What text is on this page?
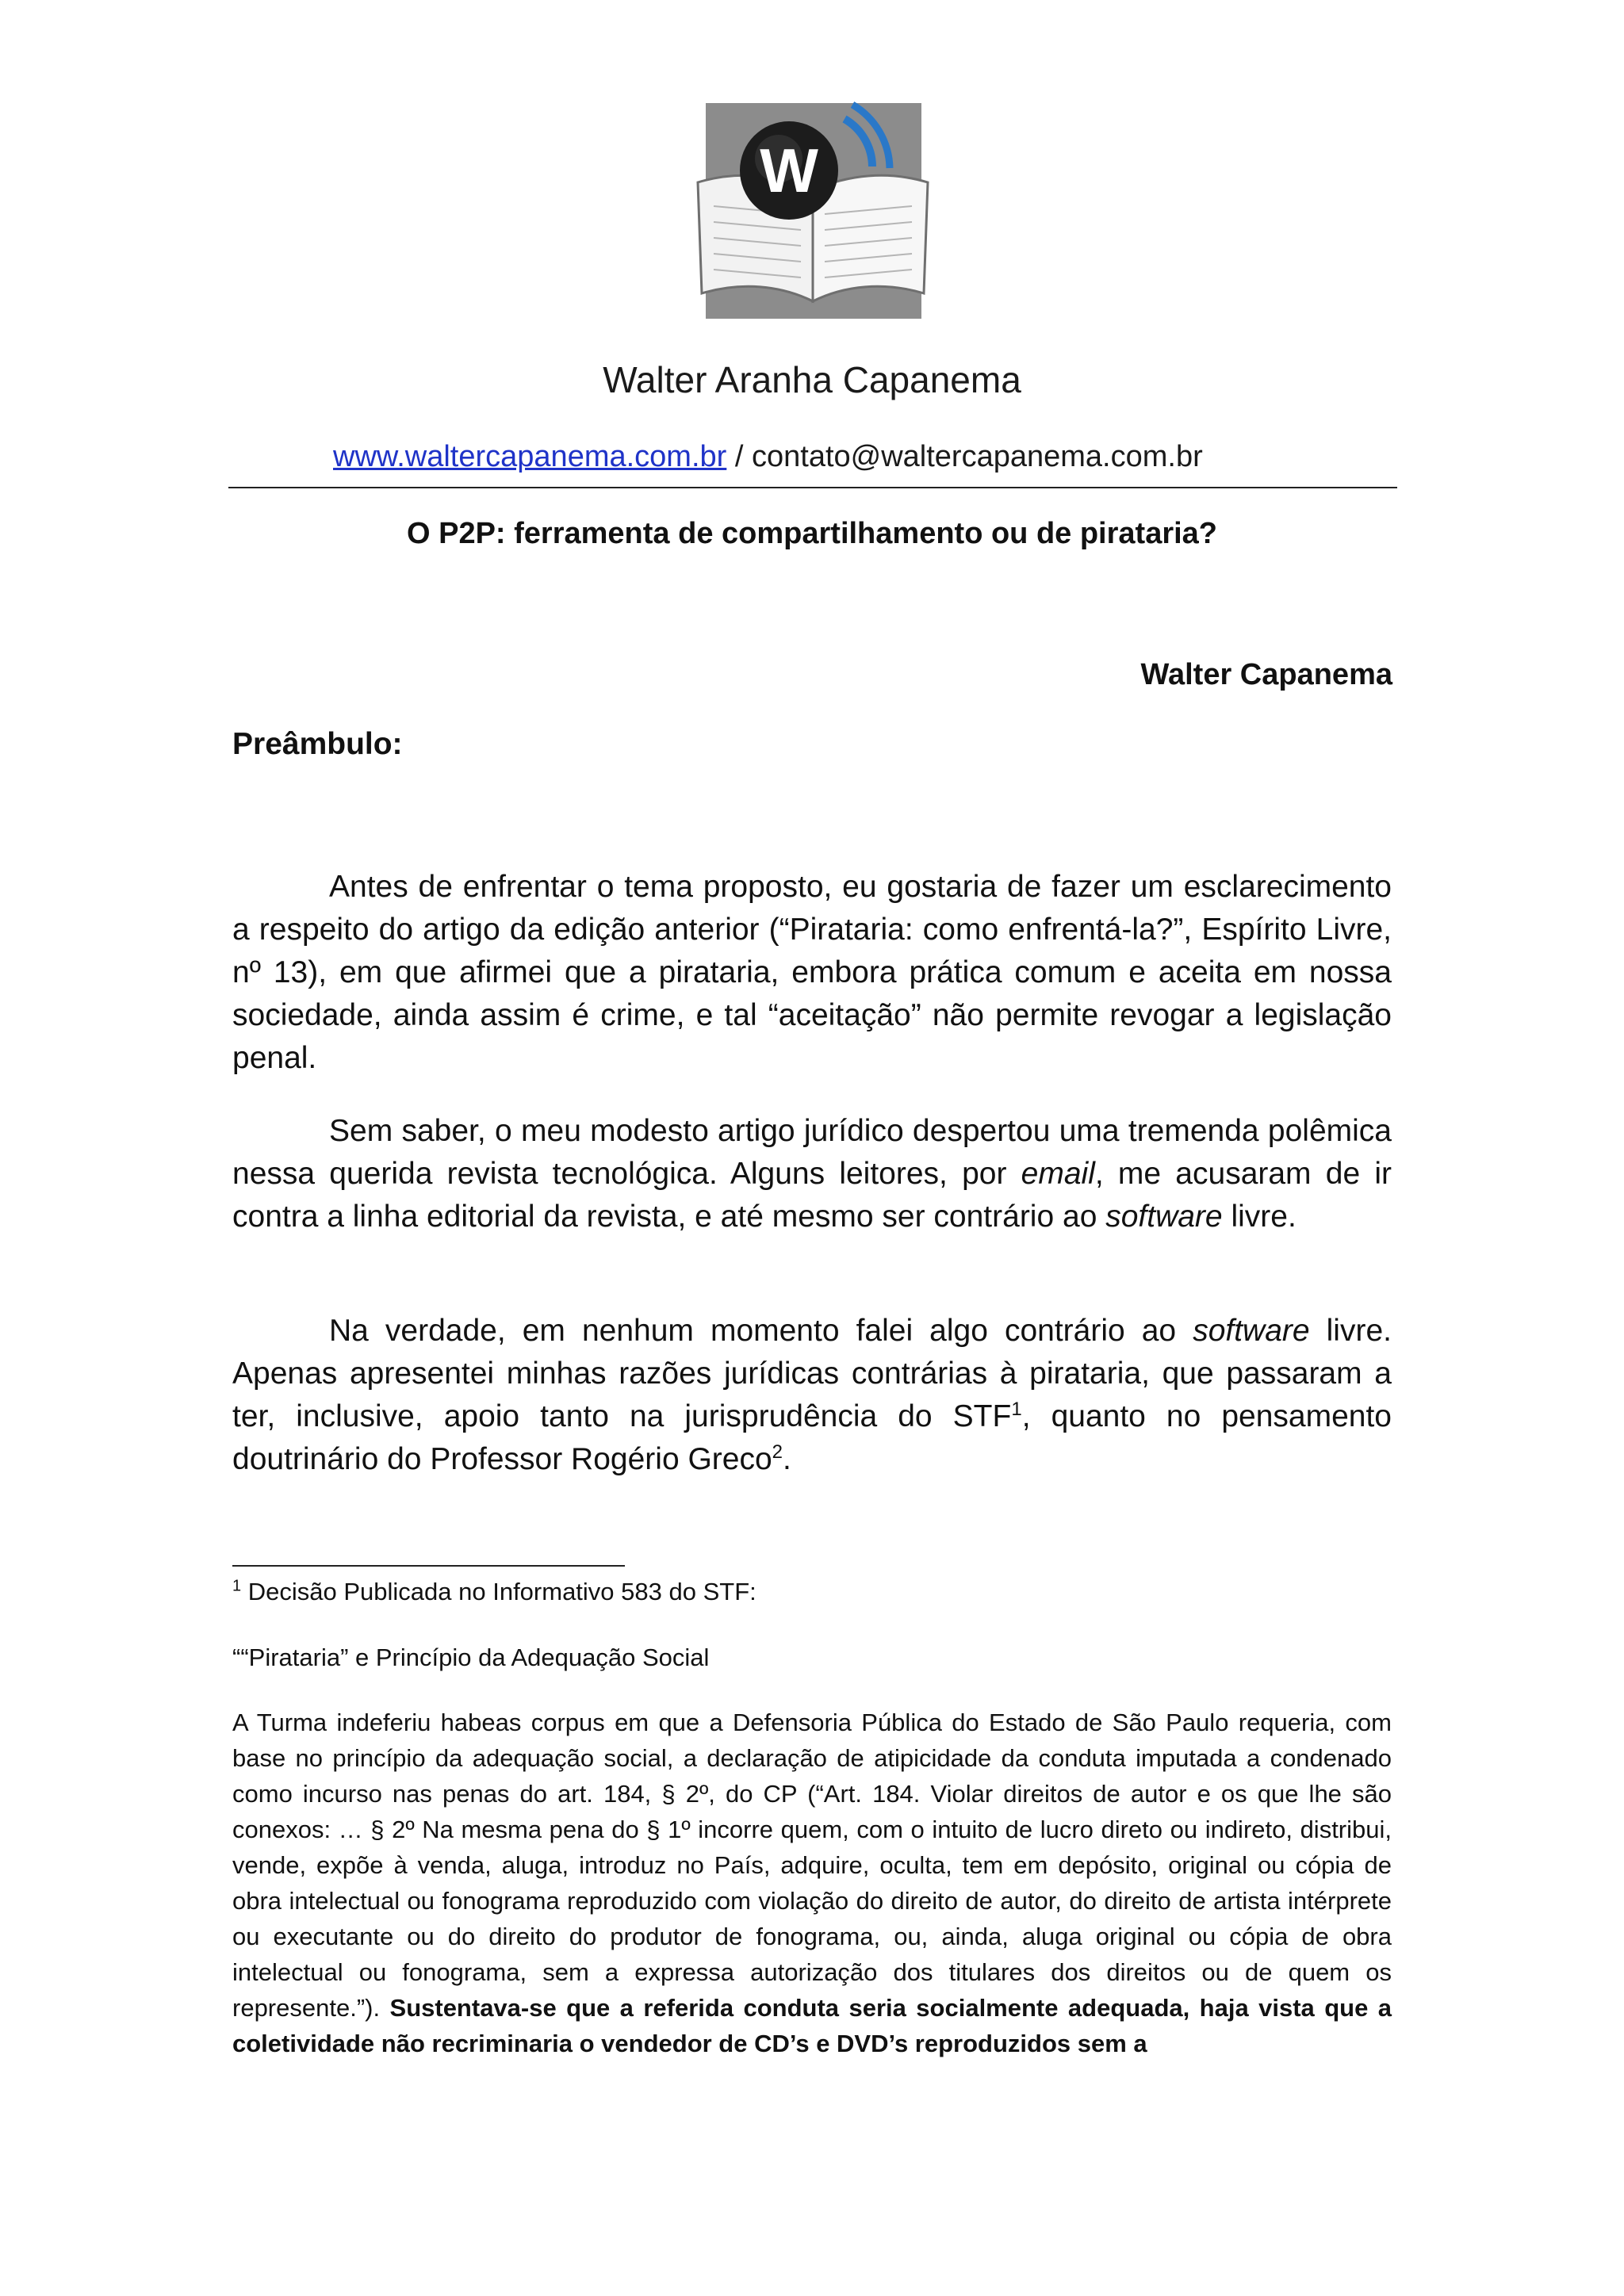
W
Walter Aranha Capanema
www.waltercapanema.com.br / contato@waltercapanema.com.br
O P2P: ferramenta de compartilhamento ou de pirataria?
Walter Capanema
Preâmbulo:

Antes de enfrentar o tema proposto, eu gostaria de fazer um esclarecimento a respeito do artigo da edição anterior (“Pirataria: como enfrentá-la?”, Espírito Livre, nº 13), em que afirmei que a pirataria, embora prática comum e aceita em nossa sociedade, ainda assim é crime, e tal “aceitação” não permite revogar a legislação penal.

Sem saber, o meu modesto artigo jurídico despertou uma tremenda polêmica nessa querida revista tecnológica. Alguns leitores, por email, me acusaram de ir contra a linha editorial da revista, e até mesmo ser contrário ao software livre.

Na verdade, em nenhum momento falei algo contrário ao software livre. Apenas apresentei minhas razões jurídicas contrárias à pirataria, que passaram a ter, inclusive, apoio tanto na jurisprudência do STF$^1$, quanto no pensamento doutrinário do Professor Rogério Greco$^2$.

$^1$ Decisão Publicada no Informativo 583 do STF:
““Pirataria” e Princípio da Adequação Social
A Turma indeferiu habeas corpus em que a Defensoria Pública do Estado de São Paulo requeria, com base no princípio da adequação social, a declaração de atipicidade da conduta imputada a condenado como incurso nas penas do art. 184, § 2º, do CP (“Art. 184. Violar direitos de autor e os que lhe são conexos: … § 2º Na mesma pena do § 1º incorre quem, com o intuito de lucro direto ou indireto, distribui, vende, expõe à venda, aluga, introduz no País, adquire, oculta, tem em depósito, original ou cópia de obra intelectual ou fonograma reproduzido com violação do direito de autor, do direito de artista intérprete ou executante ou do direito do produtor de fonograma, ou, ainda, aluga original ou cópia de obra intelectual ou fonograma, sem a expressa autorização dos titulares dos direitos ou de quem os represente.”). Sustentava-se que a referida conduta seria socialmente adequada, haja vista que a coletividade não recriminaria o vendedor de CD’s e DVD’s reproduzidos sem a
